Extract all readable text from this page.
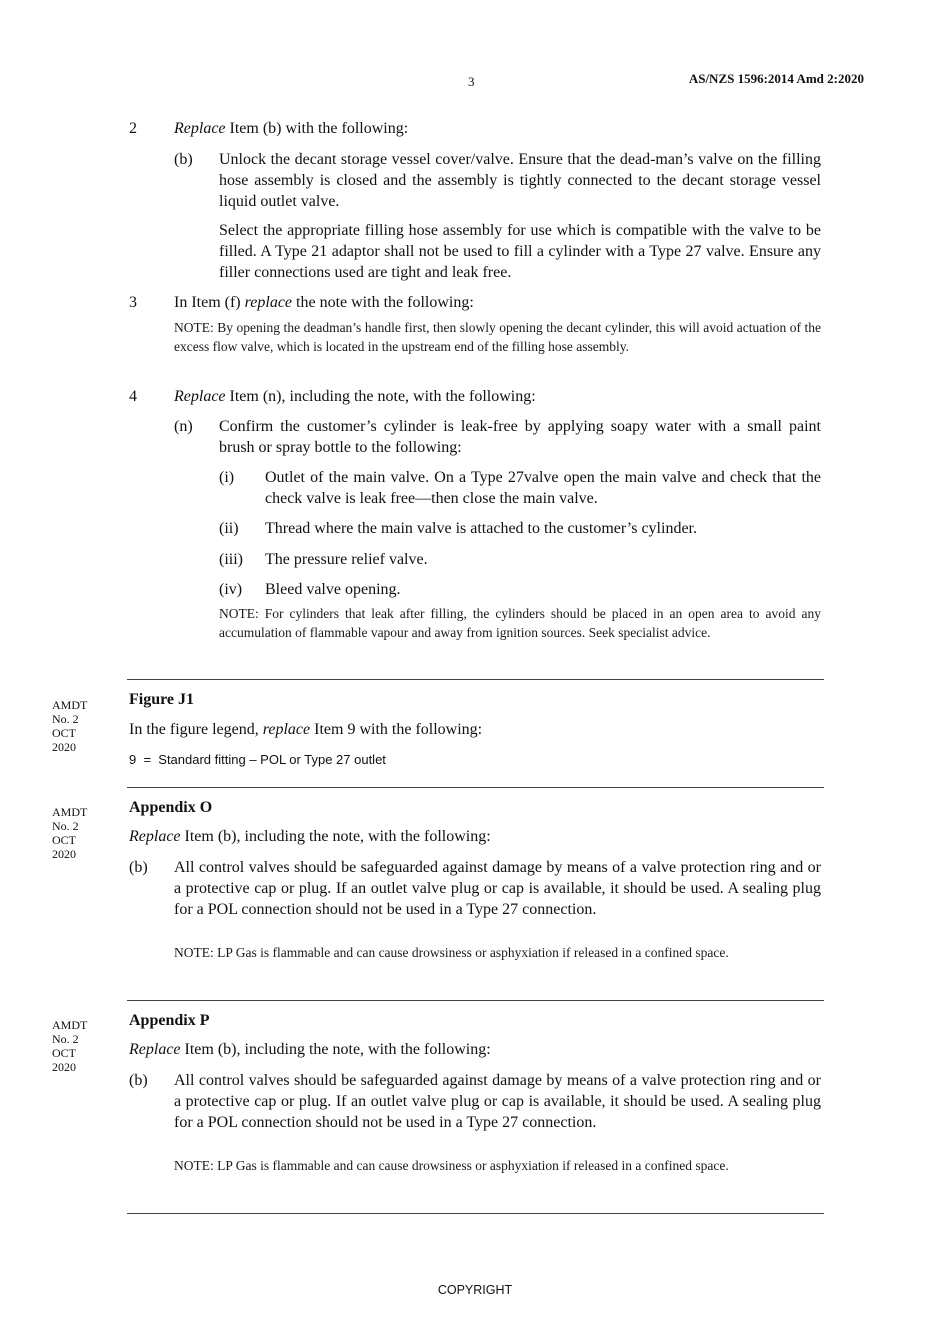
3	AS/NZS 1596:2014 Amd 2:2020
2 Replace Item (b) with the following:
(b) Unlock the decant storage vessel cover/valve. Ensure that the dead-man’s valve on the filling hose assembly is closed and the assembly is tightly connected to the decant storage vessel liquid outlet valve.
Select the appropriate filling hose assembly for use which is compatible with the valve to be filled. A Type 21 adaptor shall not be used to fill a cylinder with a Type 27 valve. Ensure any filler connections used are tight and leak free.
3 In Item (f) replace the note with the following:
NOTE: By opening the deadman’s handle first, then slowly opening the decant cylinder, this will avoid actuation of the excess flow valve, which is located in the upstream end of the filling hose assembly.
4 Replace Item (n), including the note, with the following:
(n) Confirm the customer’s cylinder is leak-free by applying soapy water with a small paint brush or spray bottle to the following:
(i) Outlet of the main valve. On a Type 27valve open the main valve and check that the check valve is leak free—then close the main valve.
(ii) Thread where the main valve is attached to the customer’s cylinder.
(iii) The pressure relief valve.
(iv) Bleed valve opening.
NOTE: For cylinders that leak after filling, the cylinders should be placed in an open area to avoid any accumulation of flammable vapour and away from ignition sources. Seek specialist advice.
AMDT
No. 2
OCT
2020
Figure J1
In the figure legend, replace Item 9 with the following:
9  =  Standard fitting – POL or Type 27 outlet
AMDT
No. 2
OCT
2020
Appendix O
Replace Item (b), including the note, with the following:
(b) All control valves should be safeguarded against damage by means of a valve protection ring and or a protective cap or plug. If an outlet valve plug or cap is available, it should be used. A sealing plug for a POL connection should not be used in a Type 27 connection.
NOTE: LP Gas is flammable and can cause drowsiness or asphyxiation if released in a confined space.
AMDT
No. 2
OCT
2020
Appendix P
Replace Item (b), including the note, with the following:
(b) All control valves should be safeguarded against damage by means of a valve protection ring and or a protective cap or plug. If an outlet valve plug or cap is available, it should be used. A sealing plug for a POL connection should not be used in a Type 27 connection.
NOTE: LP Gas is flammable and can cause drowsiness or asphyxiation if released in a confined space.
COPYRIGHT
